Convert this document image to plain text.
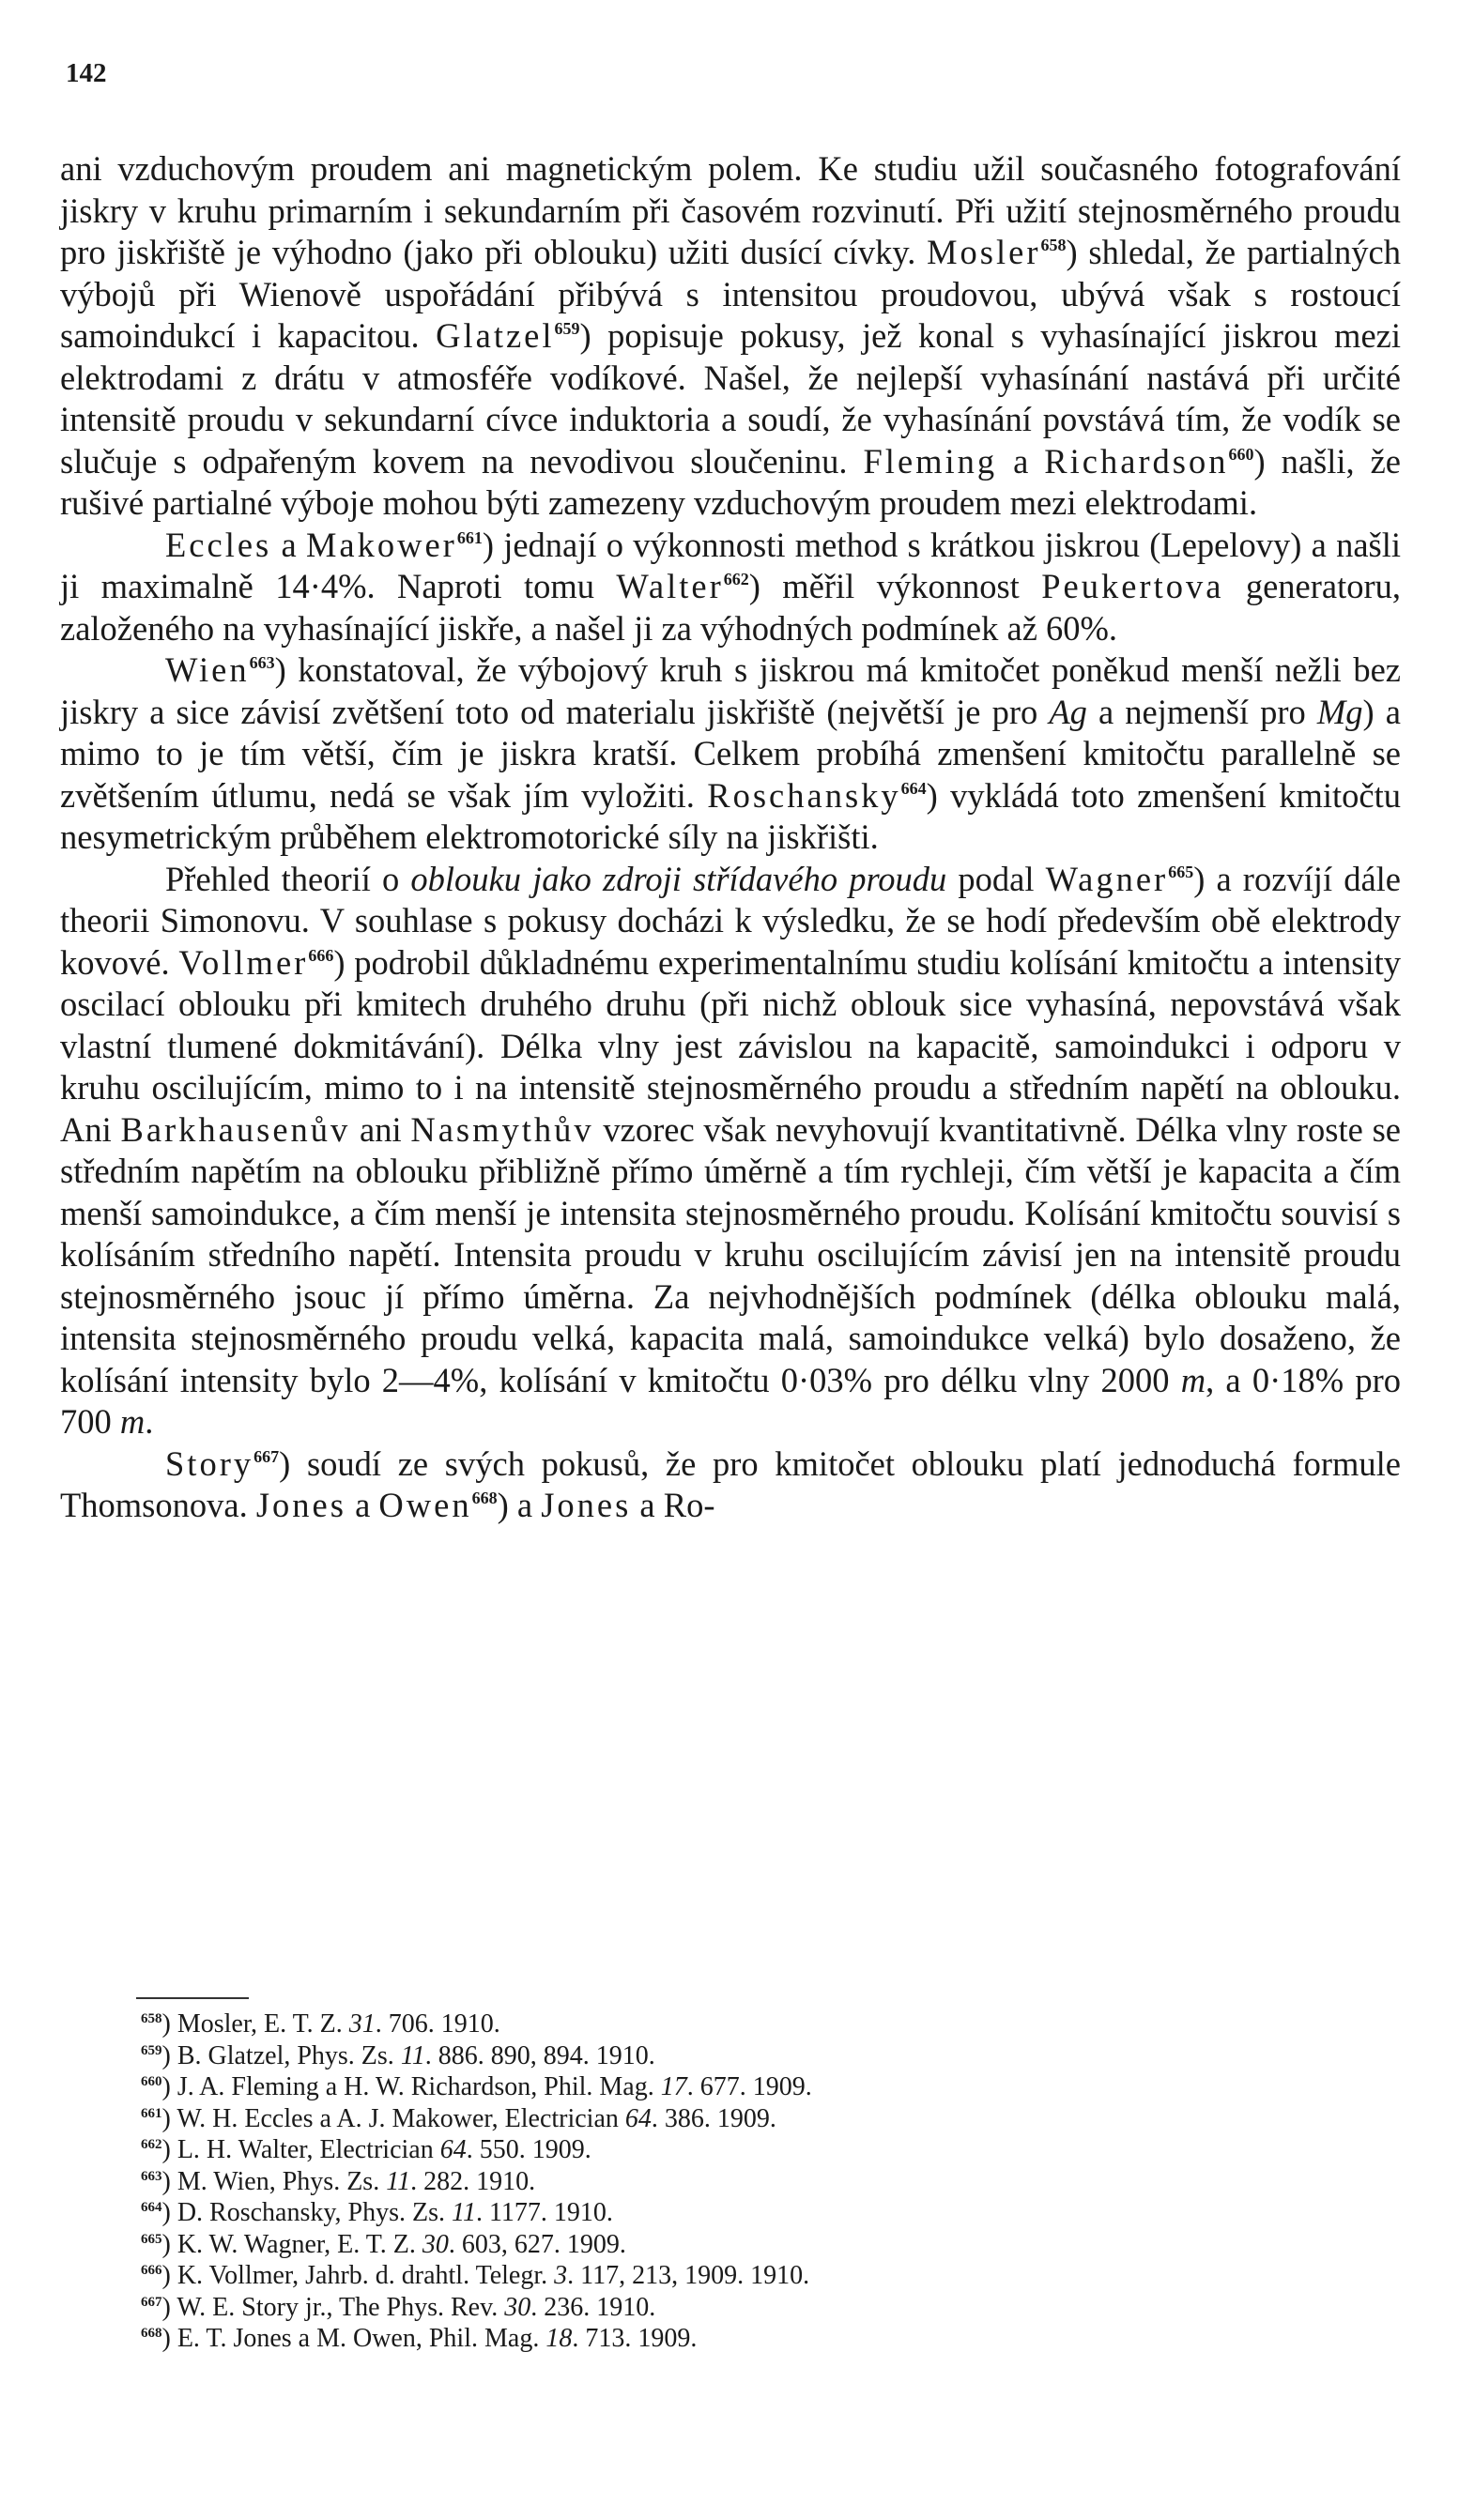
142

ani vzduchovým proudem ani magnetickým polem. Ke studiu užil současného fotografování jiskry v kruhu primarním i sekundarním při časovém rozvinutí. Při užití stejnosměrného proudu pro jiskřiště je výhodno (jako při oblouku) užiti dusící cívky. Mosler$^{658}$) shledal, že partialných výbojů při Wienově uspořádání přibývá s intensitou proudovou, ubývá však s rostoucí samoindukcí i kapacitou. Glatzel$^{659}$) popisuje pokusy, jež konal s vyhasínající jiskrou mezi elektrodami z drátu v atmosféře vodíkové. Našel, že nejlepší vyhasínání nastává při určité intensitě proudu v sekundarní cívce induktoria a soudí, že vyhasínání povstává tím, že vodík se slučuje s odpařeným kovem na nevodivou sloučeninu. Fleming a Richardson$^{660}$) našli, že rušivé partialné výboje mohou býti zamezeny vzduchovým proudem mezi elektrodami.

Eccles a Makower$^{661}$) jednají o výkonnosti method s krátkou jiskrou (Lepelovy) a našli ji maximalně 14·4%. Naproti tomu Walter$^{662}$) měřil výkonnost Peukertova generatoru, založeného na vyhasínající jiskře, a našel ji za výhodných podmínek až 60%.

Wien$^{663}$) konstatoval, že výbojový kruh s jiskrou má kmitočet poněkud menší nežli bez jiskry a sice závisí zvětšení toto od materialu jiskřiště (největší je pro Ag a nejmenší pro Mg) a mimo to je tím větší, čím je jiskra kratší. Celkem probíhá zmenšení kmitočtu parallelně se zvětšením útlumu, nedá se však jím vyložiti. Roschansky$^{664}$) vykládá toto zmenšení kmitočtu nesymetrickým průběhem elektromotorické síly na jiskřišti.

Přehled theorií o oblouku jako zdroji střídavého proudu podal Wagner$^{665}$) a rozvíjí dále theorii Simonovu. V souhlase s pokusy docházi k výsledku, že se hodí především obě elektrody kovové. Vollmer$^{666}$) podrobil důkladnému experimentalnímu studiu kolísání kmitočtu a intensity oscilací oblouku při kmitech druhého druhu (při nichž oblouk sice vyhasíná, nepovstává však vlastní tlumené dokmitávání). Délka vlny jest závislou na kapacitě, samoindukci i odporu v kruhu oscilujícím, mimo to i na intensitě stejnosměrného proudu a středním napětí na oblouku. Ani Barkhausenův ani Nasmythův vzorec však nevyhovují kvantitativně. Délka vlny roste se středním napětím na oblouku přibližně přímo úměrně a tím rychleji, čím větší je kapacita a čím menší samoindukce, a čím menší je intensita stejnosměrného proudu. Kolísání kmitočtu souvisí s kolísáním středního napětí. Intensita proudu v kruhu oscilujícím závisí jen na intensitě proudu stejnosměrného jsouc jí přímo úměrna. Za nejvhodnějších podmínek (délka oblouku malá, intensita stejnosměrného proudu velká, kapacita malá, samoindukce velká) bylo dosaženo, že kolísání intensity bylo 2—4%, kolísání v kmitočtu 0·03% pro délku vlny 2000 m, a 0·18% pro 700 m.

Story$^{667}$) soudí ze svých pokusů, že pro kmitočet oblouku platí jednoduchá formule Thomsonova. Jones a Owen$^{668}$) a Jones a Ro-

$^{658}$) Mosler, E. T. Z. 31. 706. 1910.
$^{659}$) B. Glatzel, Phys. Zs. 11. 886. 890, 894. 1910.
$^{660}$) J. A. Fleming a H. W. Richardson, Phil. Mag. 17. 677. 1909.
$^{661}$) W. H. Eccles a A. J. Makower, Electrician 64. 386. 1909.
$^{662}$) L. H. Walter, Electrician 64. 550. 1909.
$^{663}$) M. Wien, Phys. Zs. 11. 282. 1910.
$^{664}$) D. Roschansky, Phys. Zs. 11. 1177. 1910.
$^{665}$) K. W. Wagner, E. T. Z. 30. 603, 627. 1909.
$^{666}$) K. Vollmer, Jahrb. d. drahtl. Telegr. 3. 117, 213, 1909. 1910.
$^{667}$) W. E. Story jr., The Phys. Rev. 30. 236. 1910.
$^{668}$) E. T. Jones a M. Owen, Phil. Mag. 18. 713. 1909.
